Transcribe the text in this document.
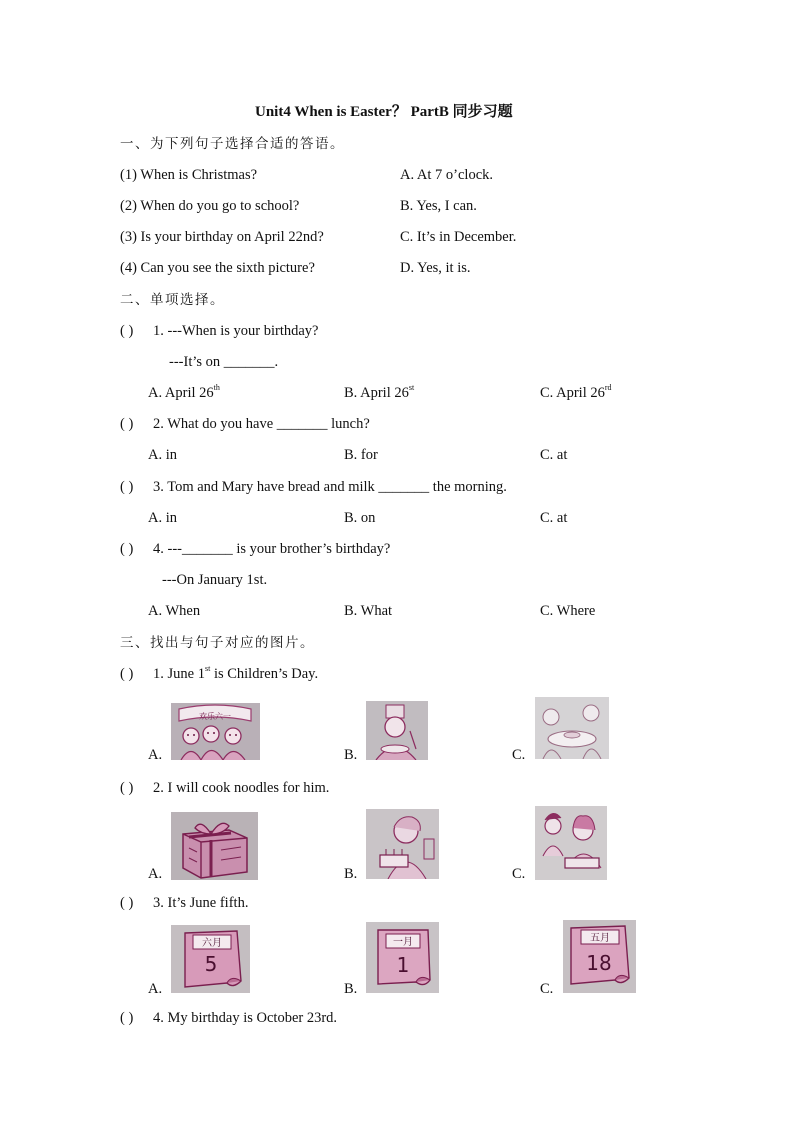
Unit4 When is Easter？ PartB 同步习题
一、为下列句子选择合适的答语。
(1) When is Christmas?	A. At 7 o’clock.
(2) When do you go to school?	B. Yes, I can.
(3) Is your birthday on April 22nd?	C. It’s in December.
(4) Can you see the sixth picture?	D. Yes, it is.
二、单项选择。
( ) 1. ---When is your birthday?
---It’s on _______.
A. April 26th	B. April 26st	C. April 26rd
( ) 2. What do you have _______ lunch?
A. in	B. for	C. at
( ) 3. Tom and Mary have bread and milk _______ the morning.
A. in	B. on	C. at
( ) 4. ---_______ is your brother’s birthday?
---On January 1st.
A. When	B. What	C. Where
三、找出与句子对应的图片。
( ) 1. June 1st is Children’s Day.
A.
欢乐六一
B.	C.
( ) 2. I will cook noodles for him.
A.	B.	C.
( ) 3. It’s June fifth.
A.
六月
5
B.
一月
1
C.
五月
18
( ) 4. My birthday is October 23rd.
